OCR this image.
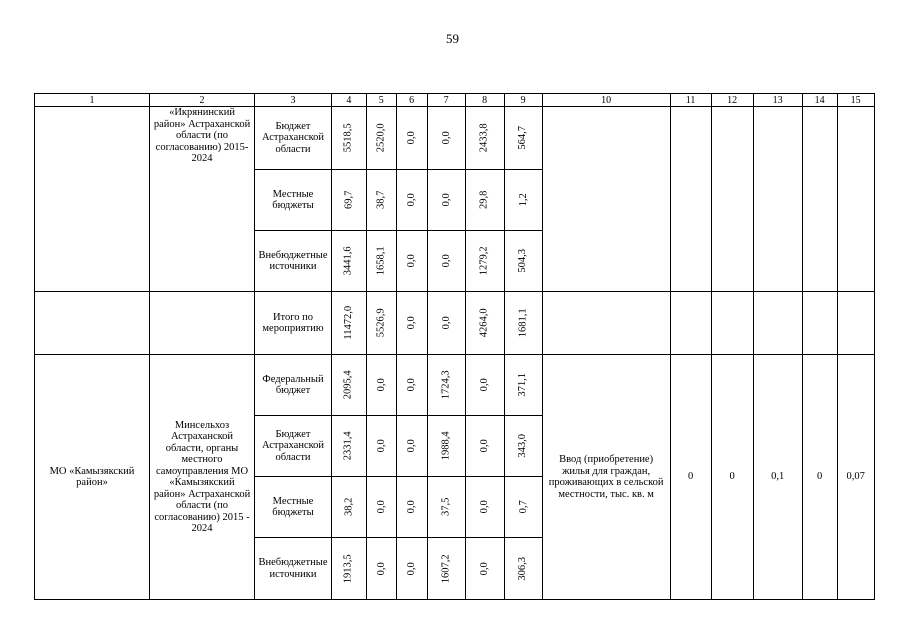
59
1	2	3	4	5	6	7	8	9	10	11	12	13	14	15

	«Икрянинский район» Астраханской области (по согласованию) 2015-2024	Бюджет Астраханской области	5518,5	2520,0	0,0	0,0	2433,8	564,7						

		Местные бюджеты	69,7	38,7	0,0	0,0	29,8	1,2						

		Внебюджетные источники	3441,6	1658,1	0,0	0,0	1279,2	504,3						

		Итого по мероприятию	11472,0	5526,9	0,0	0,0	4264,0	1681,1						

МО «Камызякский район»	Минсельхоз Астраханской области, органы местного самоуправления МО «Камызякский район» Астраханской области (по согласованию) 2015 - 2024	Федеральный бюджет	2095,4	0,0	0,0	1724,3	0,0	371,1	Ввод (приобретение) жилья для граждан, проживающих в сельской местности, тыс. кв. м	0	0	0,1	0	0,07

		Бюджет Астраханской области	2331,4	0,0	0,0	1988,4	0,0	343,0						

		Местные бюджеты	38,2	0,0	0,0	37,5	0,0	0,7						

		Внебюджетные источники	1913,5	0,0	0,0	1607,2	0,0	306,3						
